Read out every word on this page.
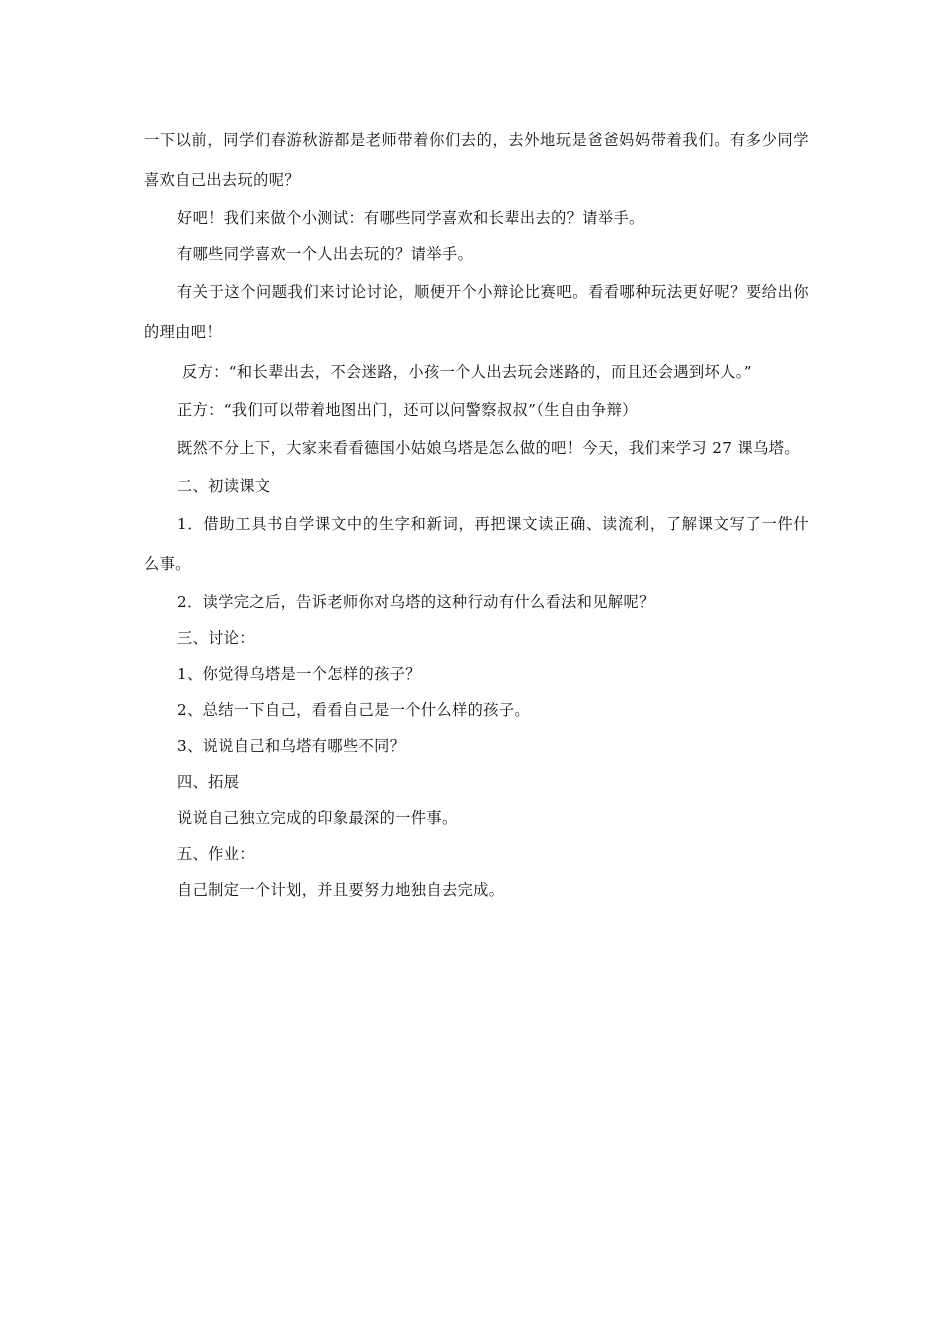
一下以前，同学们春游秋游都是老师带着你们去的，去外地玩是爸爸妈妈带着我们。有多少同学喜欢自己出去玩的呢？

好吧！我们来做个小测试：有哪些同学喜欢和长辈出去的？请举手。

有哪些同学喜欢一个人出去玩的？请举手。

有关于这个问题我们来讨论讨论，顺便开个小辩论比赛吧。看看哪种玩法更好呢？要给出你的理由吧！

反方：“和长辈出去，不会迷路，小孩一个人出去玩会迷路的，而且还会遇到坏人。”

正方：“我们可以带着地图出门，还可以问警察叔叔”（生自由争辩）

既然不分上下，大家来看看德国小姑娘乌塔是怎么做的吧！今天，我们来学习 27 课乌塔。

二、初读课文

1．借助工具书自学课文中的生字和新词，再把课文读正确、读流利，了解课文写了一件什么事。

2．读学完之后，告诉老师你对乌塔的这种行动有什么看法和见解呢？

三、讨论：

1、你觉得乌塔是一个怎样的孩子？

2、总结一下自己，看看自己是一个什么样的孩子。

3、说说自己和乌塔有哪些不同？

四、拓展

说说自己独立完成的印象最深的一件事。

五、作业：

自己制定一个计划，并且要努力地独自去完成。
